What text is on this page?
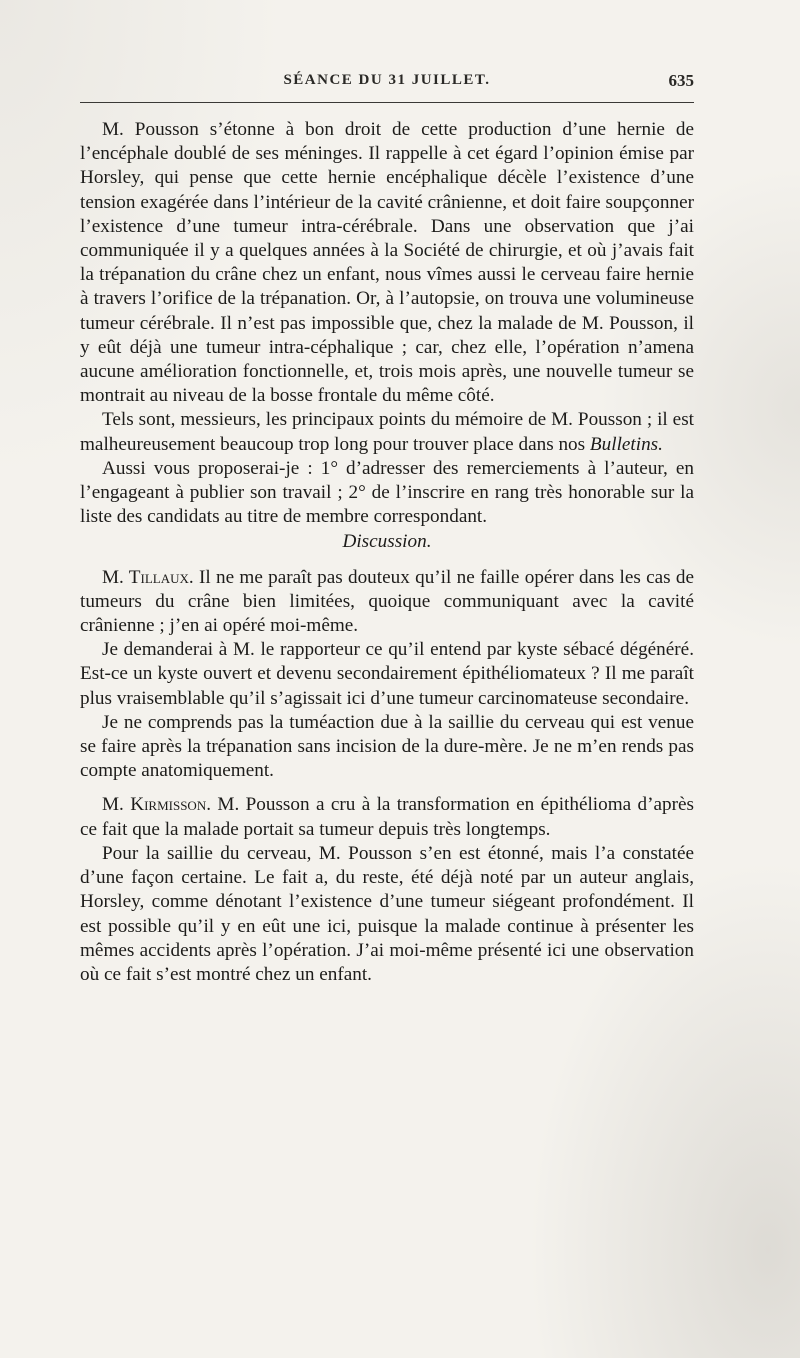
SÉANCE DU 31 JUILLET.	635

M. Pousson s’étonne à bon droit de cette production d’une hernie de l’encéphale doublé de ses méninges. Il rappelle à cet égard l’opinion émise par Horsley, qui pense que cette hernie encéphalique décèle l’existence d’une tension exagérée dans l’intérieur de la cavité crânienne, et doit faire soupçonner l’existence d’une tumeur intra-cérébrale. Dans une observation que j’ai communiquée il y a quelques années à la Société de chirurgie, et où j’avais fait la trépanation du crâne chez un enfant, nous vîmes aussi le cerveau faire hernie à travers l’orifice de la trépanation. Or, à l’autopsie, on trouva une volumineuse tumeur cérébrale. Il n’est pas impossible que, chez la malade de M. Pousson, il y eût déjà une tumeur intra-céphalique ; car, chez elle, l’opération n’amena aucune amélioration fonctionnelle, et, trois mois après, une nouvelle tumeur se montrait au niveau de la bosse frontale du même côté.

Tels sont, messieurs, les principaux points du mémoire de M. Pousson ; il est malheureusement beaucoup trop long pour trouver place dans nos Bulletins.

Aussi vous proposerai-je : 1° d’adresser des remerciements à l’auteur, en l’engageant à publier son travail ; 2° de l’inscrire en rang très honorable sur la liste des candidats au titre de membre correspondant.

Discussion.

M. Tillaux. Il ne me paraît pas douteux qu’il ne faille opérer dans les cas de tumeurs du crâne bien limitées, quoique communiquant avec la cavité crânienne ; j’en ai opéré moi-même.

Je demanderai à M. le rapporteur ce qu’il entend par kyste sébacé dégénéré. Est-ce un kyste ouvert et devenu secondairement épithéliomateux ? Il me paraît plus vraisemblable qu’il s’agissait ici d’une tumeur carcinomateuse secondaire.

Je ne comprends pas la tuméaction due à la saillie du cerveau qui est venue se faire après la trépanation sans incision de la dure-mère. Je ne m’en rends pas compte anatomiquement.

M. Kirmisson. M. Pousson a cru à la transformation en épithélioma d’après ce fait que la malade portait sa tumeur depuis très longtemps.

Pour la saillie du cerveau, M. Pousson s’en est étonné, mais l’a constatée d’une façon certaine. Le fait a, du reste, été déjà noté par un auteur anglais, Horsley, comme dénotant l’existence d’une tumeur siégeant profondément. Il est possible qu’il y en eût une ici, puisque la malade continue à présenter les mêmes accidents après l’opération. J’ai moi-même présenté ici une observation où ce fait s’est montré chez un enfant.
